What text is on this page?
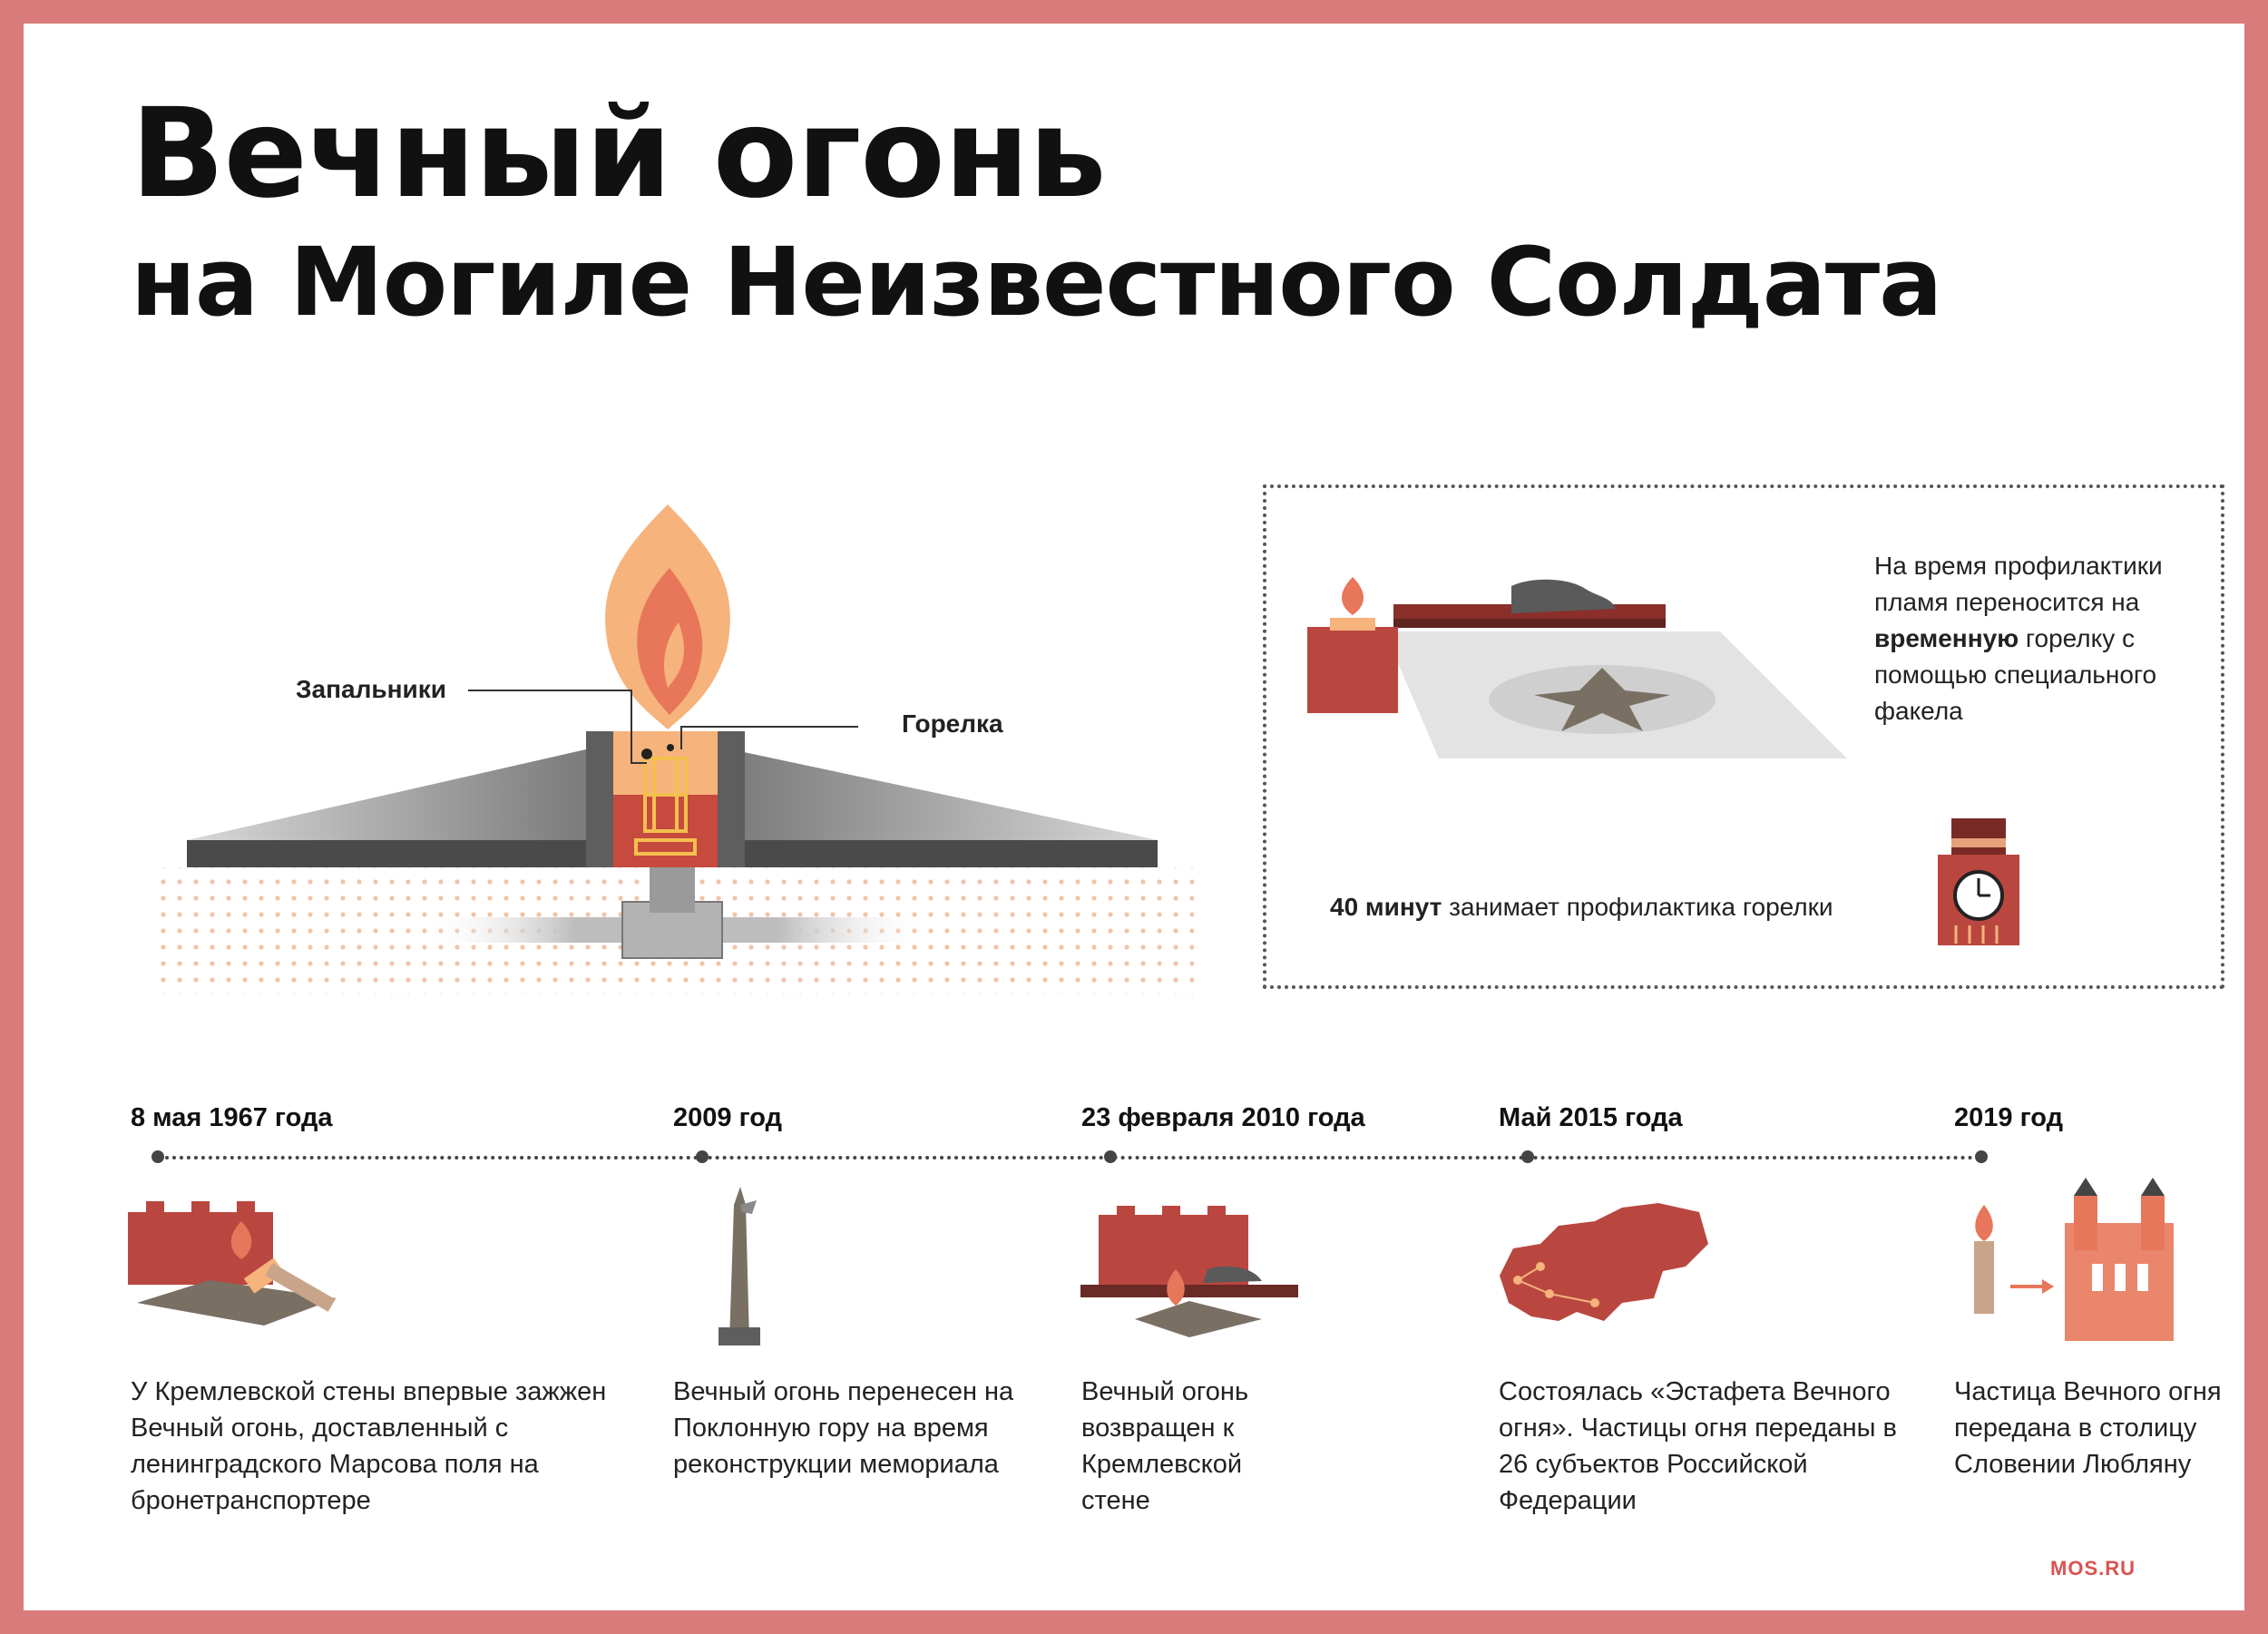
Вечный огонь
на Могиле Неизвестного Солдата
Запальники
Горелка
На время профилактики пламя переносится на временную горелку с помощью специального факела
40 минут занимает профилактика горелки
8 мая 1967 года	2009 год	23 февраля 2010 года	Май 2015 года	2019 год
У Кремлевской стены впервые зажжен Вечный огонь, доставленный с ленинградского Марсова поля на бронетранспортере
Вечный огонь перенесен на Поклонную гору на время реконструкции мемориала
Вечный огонь возвращен к Кремлевской стене
Состоялась «Эстафета Вечного огня». Частицы огня переданы в 26 субъектов Российской Федерации
Частица Вечного огня передана в столицу Словении Любляну
MOS.RU
